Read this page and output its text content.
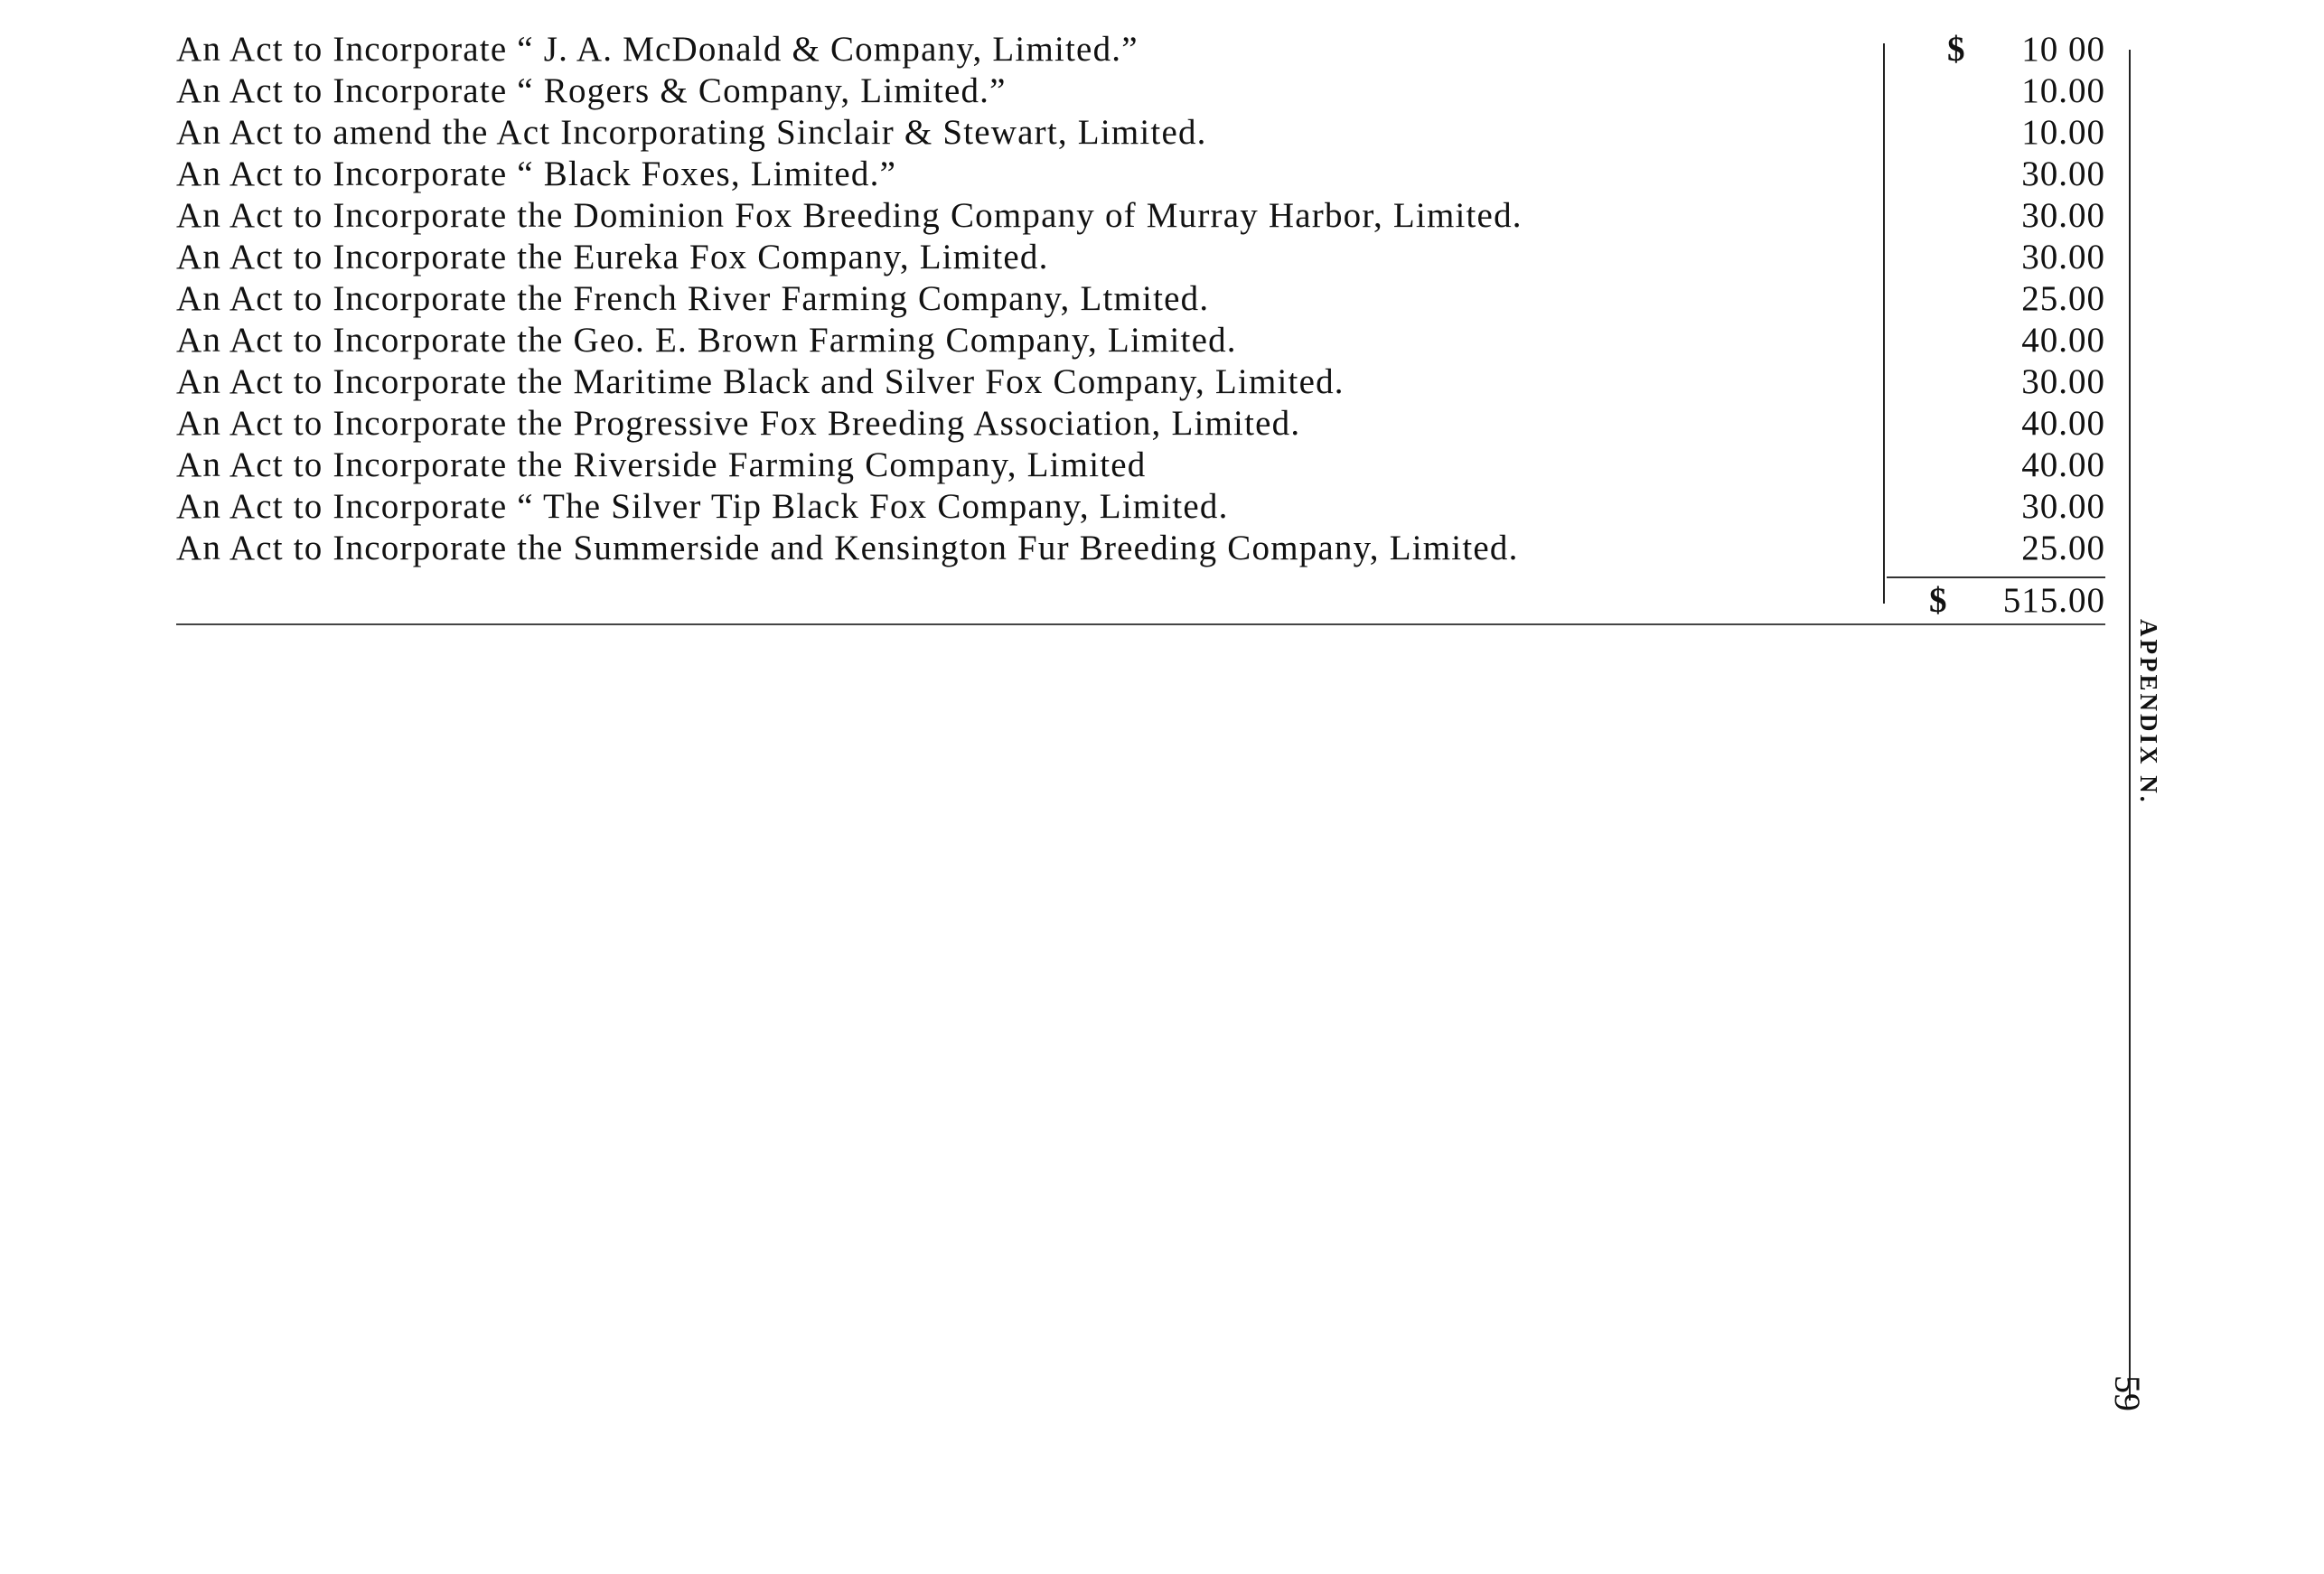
An Act to Incorporate “ J. A. McDonald & Company, Limited.”
An Act to Incorporate “ Rogers & Company, Limited.”
An Act to amend the Act Incorporating Sinclair & Stewart, Limited.
An Act to Incorporate “ Black Foxes, Limited.”
An Act to Incorporate the Dominion Fox Breeding Company of Murray Harbor, Limited.
An Act to Incorporate the Eureka Fox Company, Limited.
An Act to Incorporate the French River Farming Company, Ltmited.
An Act to Incorporate the Geo. E. Brown Farming Company, Limited.
An Act to Incorporate the Maritime Black and Silver Fox Company, Limited.
An Act to Incorporate the Progressive Fox Breeding Association, Limited.
An Act to Incorporate the Riverside Farming Company, Limited
An Act to Incorporate “ The Silver Tip Black Fox Company, Limited.
An Act to Incorporate the Summerside and Kensington Fur Breeding Company, Limited.
$ 10 00
10.00
10.00
30.00
30.00
30.00
25.00
40.00
30.00
40.00
40.00
30.00
25.00
$ 515.00
APPENDIX N.
59
